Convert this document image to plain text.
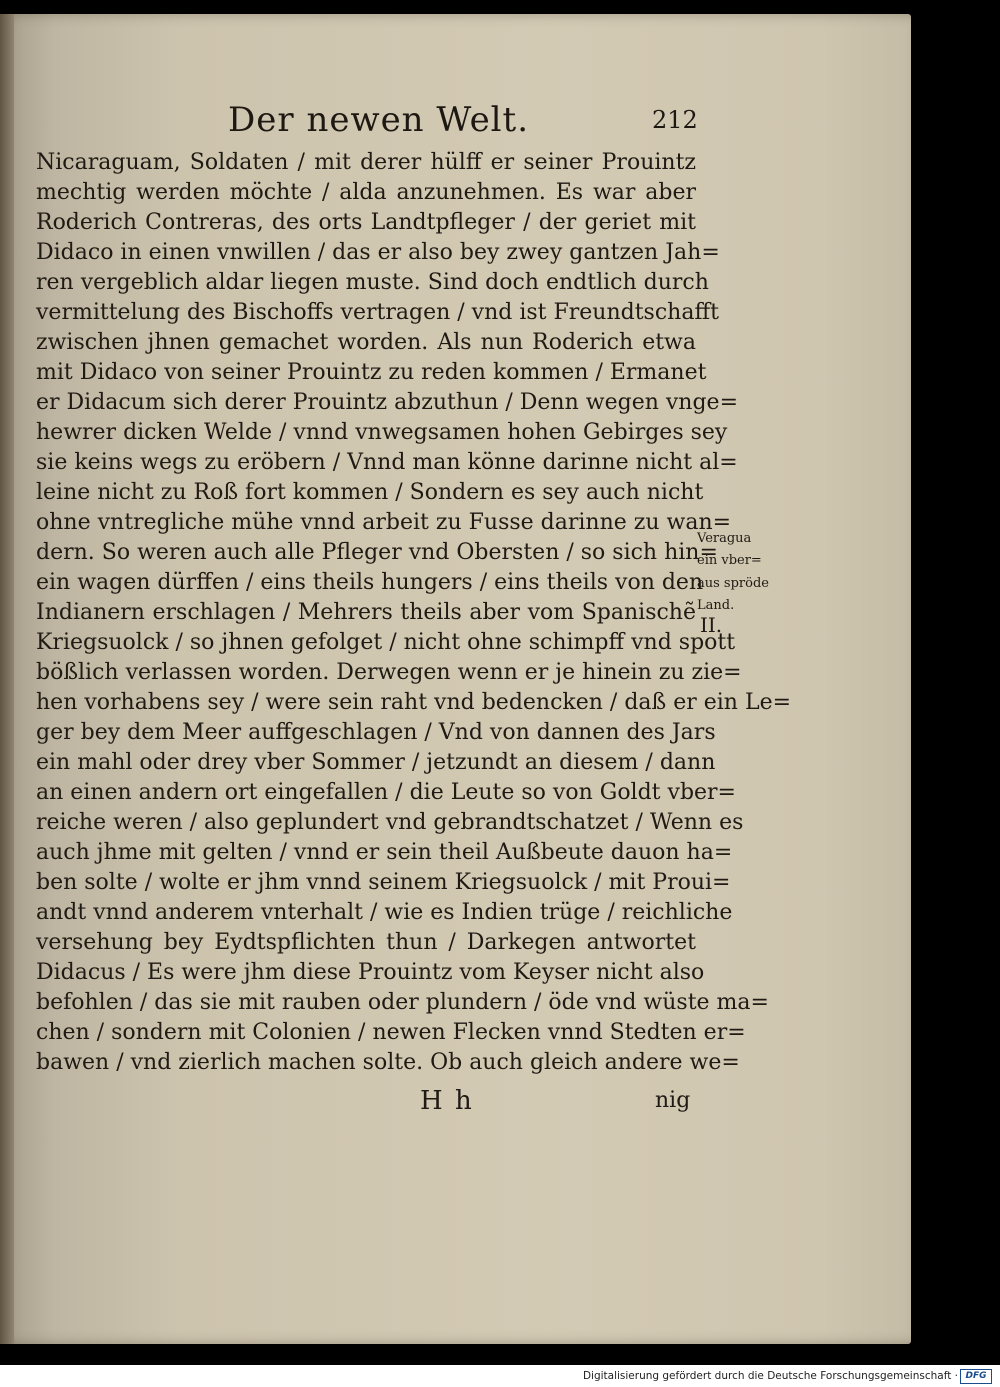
Der newen Welt.	212
Nicaraguam, Soldaten / mit derer hülff er seiner Prouintz
mechtig werden möchte / alda anzunehmen. Es war aber
Roderich Contreras, des orts Landtpfleger / der geriet mit
Didaco in einen vnwillen / das er also bey zwey gantzen Jah=
ren vergeblich aldar liegen muste. Sind doch endtlich durch
vermittelung des Bischoffs vertragen / vnd ist Freundtschafft
zwischen jhnen gemachet worden. Als nun Roderich etwa
mit Didaco von seiner Prouintz zu reden kommen / Ermanet
er Didacum sich derer Prouintz abzuthun / Denn wegen vnge=
hewrer dicken Welde / vnnd vnwegsamen hohen Gebirges sey
sie keins wegs zu eröbern / Vnnd man könne darinne nicht al=
leine nicht zu Roß fort kommen / Sondern es sey auch nicht
ohne vntregliche mühe vnnd arbeit zu Fusse darinne zu wan=
dern. So weren auch alle Pfleger vnd Obersten / so sich hin=
ein wagen dürffen / eins theils hungers / eins theils von den
Indianern erschlagen / Mehrers theils aber vom Spanischẽ
Kriegsuolck / so jhnen gefolget / nicht ohne schimpff vnd spott
bößlich verlassen worden. Derwegen wenn er je hinein zu zie=
hen vorhabens sey / were sein raht vnd bedencken / daß er ein Le=
ger bey dem Meer auffgeschlagen / Vnd von dannen des Jars
ein mahl oder drey vber Sommer / jetzundt an diesem / dann
an einen andern ort eingefallen / die Leute so von Goldt vber=
reiche weren / also geplundert vnd gebrandtschatzet / Wenn es
auch jhme mit gelten / vnnd er sein theil Außbeute dauon ha=
ben solte / wolte er jhm vnnd seinem Kriegsuolck / mit Proui=
andt vnnd anderem vnterhalt / wie es Indien trüge / reichliche
versehung bey Eydtspflichten thun / Darkegen antwortet
Didacus / Es were jhm diese Prouintz vom Keyser nicht also
befohlen / das sie mit rauben oder plundern / öde vnd wüste ma=
chen / sondern mit Colonien / newen Flecken vnnd Stedten er=
bawen / vnd zierlich machen solte. Ob auch gleich andere we=
Veragua
ein vber=
aus spröde
Land.
II.
H h	nig
Digitalisierung gefördert durch die Deutsche Forschungsgemeinschaft · DFG
